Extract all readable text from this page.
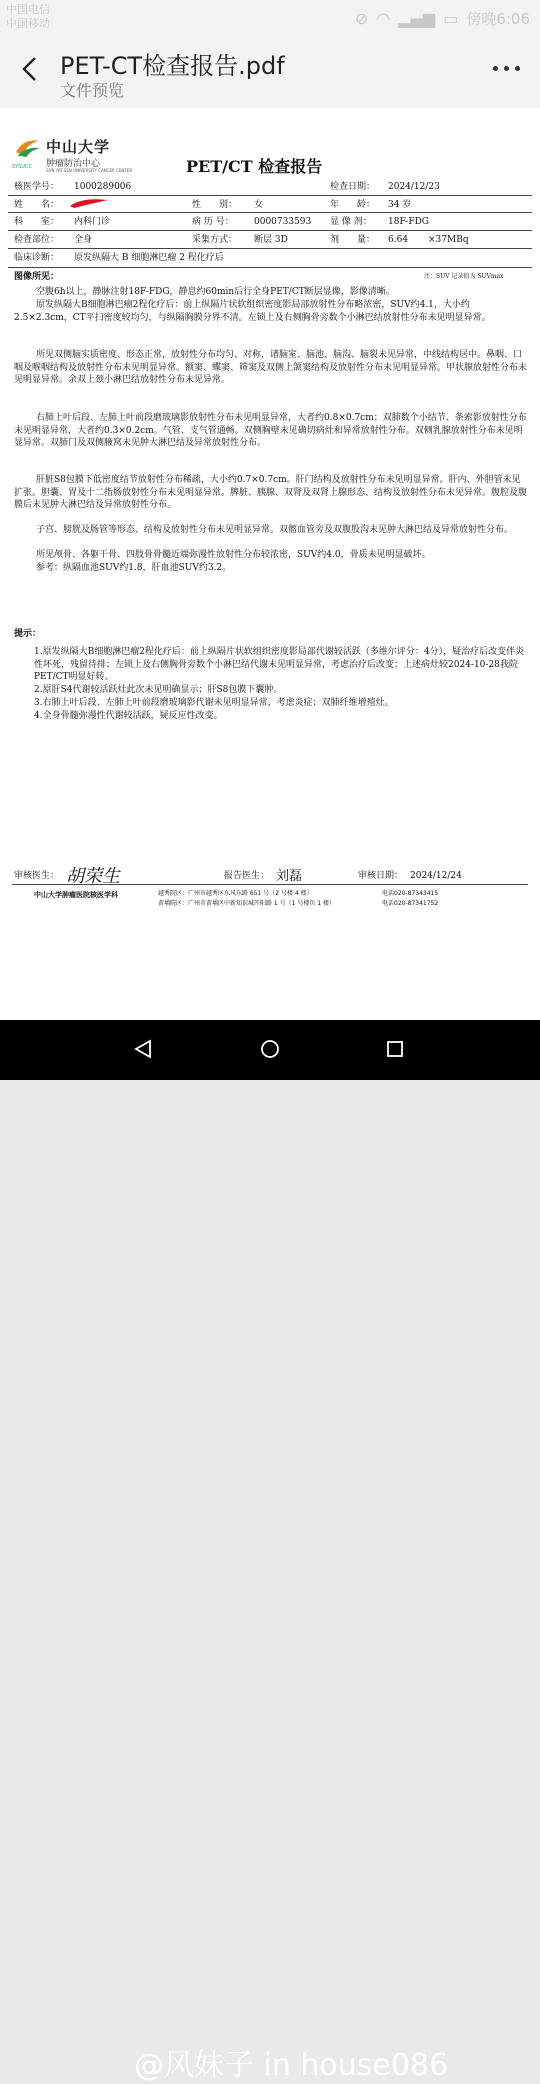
中国电信
中国移动	⊘ ◠ ▂▄▆ ▭ 傍晚6:06
PET-CT检查报告.pdf
文件预览
中山大学
肿瘤防治中心
SUN YAT-SEN UNIVERSITY CANCER CENTER
SYSUCC	PET/CT 检查报告
核医学号： 1000289006	检查日期： 2024/12/23
姓　　名：	性　　别： 女	年　　龄： 34 岁
科　　室： 内科门诊	病 历 号： 0000733593 显 像 剂： 18F-FDG
检查部位： 全身	采集方式： 断层 3D	剂　　量： 6.64 ×37MBq
临床诊断： 原发纵隔大 B 细胞淋巴瘤 2 程化疗后
图像所见：	注：SUV 记录值为 SUVmax
空腹6h以上，静脉注射18F-FDG，静息约60min后行全身PET/CT断层显像，影像清晰。
原发纵隔大B细胞淋巴瘤2程化疗后：前上纵隔片状软组织密度影局部放射性分布略浓密，SUV约4.1，大小约2.5×2.3cm，CT平扫密度较均匀，与纵隔胸膜分界不清。左锁上及右侧胸骨旁数个小淋巴结放射性分布未见明显异常。
所见双侧脑实质密度、形态正常，放射性分布均匀、对称，诸脑室、脑池、脑沟、脑裂未见异常，中线结构居中。鼻咽、口咽及喉咽结构及放射性分布未见明显异常。额窦、蝶窦、筛窦及双侧上颌窦结构及放射性分布未见明显异常。甲状腺放射性分布未见明显异常。余双上颈小淋巴结放射性分布未见异常。
右肺上叶后段、左肺上叶前段磨玻璃影放射性分布未见明显异常，大者约0.8×0.7cm；双肺数个小结节、条索影放射性分布未见明显异常，大者约0.3×0.2cm。气管、支气管通畅。双侧胸壁未见确切病灶和异常放射性分布。双侧乳腺放射性分布未见明显异常。双肺门及双侧腋窝未见肿大淋巴结及异常放射性分布。
肝脏S8包膜下低密度结节放射性分布稀疏，大小约0.7×0.7cm。肝门结构及放射性分布未见明显异常。肝内、外胆管未见扩张。胆囊、胃及十二指肠放射性分布未见明显异常。脾脏、胰腺、双肾及双肾上腺形态、结构及放射性分布未见异常。腹腔及腹膜后未见肿大淋巴结及异常放射性分布。
子宫、膀胱及肠管等形态、结构及放射性分布未见明显异常。双髂血管旁及双腹股沟未见肿大淋巴结及异常放射性分布。
所见颅骨、各躯干骨、四肢骨骨髓近端弥漫性放射性分布较浓密，SUV约4.0，骨质未见明显破坏。
参考：纵隔血池SUV约1.8，肝血池SUV约3.2。
提示：
1.原发纵隔大B细胞淋巴瘤2程化疗后：前上纵隔片状软组织密度影局部代谢较活跃（多维尔评分：4分），疑治疗后改变伴炎性坏死，残留待排；左锁上及右侧胸骨旁数个小淋巴结代谢未见明显异常，考虑治疗后改变；上述病灶较2024-10-28我院PET/CT明显好转。
2.原肝S4代谢较活跃灶此次未见明确显示；肝S8包膜下囊肿。
3.右肺上叶后段、左肺上叶前段磨玻璃影代谢未见明显异常，考虑炎症；双肺纤维增殖灶。
4.全身骨髓弥漫性代谢较活跃，疑反应性改变。
审核医生： 胡荣生	报告医生： 刘磊	审核日期： 2024/12/24
中山大学肿瘤医院核医学科	越秀院区：广州市越秀区东风东路 651 号（2 号楼 4 楼）
黄埔院区：广州市黄埔区中新知识城开阳路 1 号（1 号楼负 1 楼）
电话020-87343415
电话020-87341752
@风妹子 in house086
